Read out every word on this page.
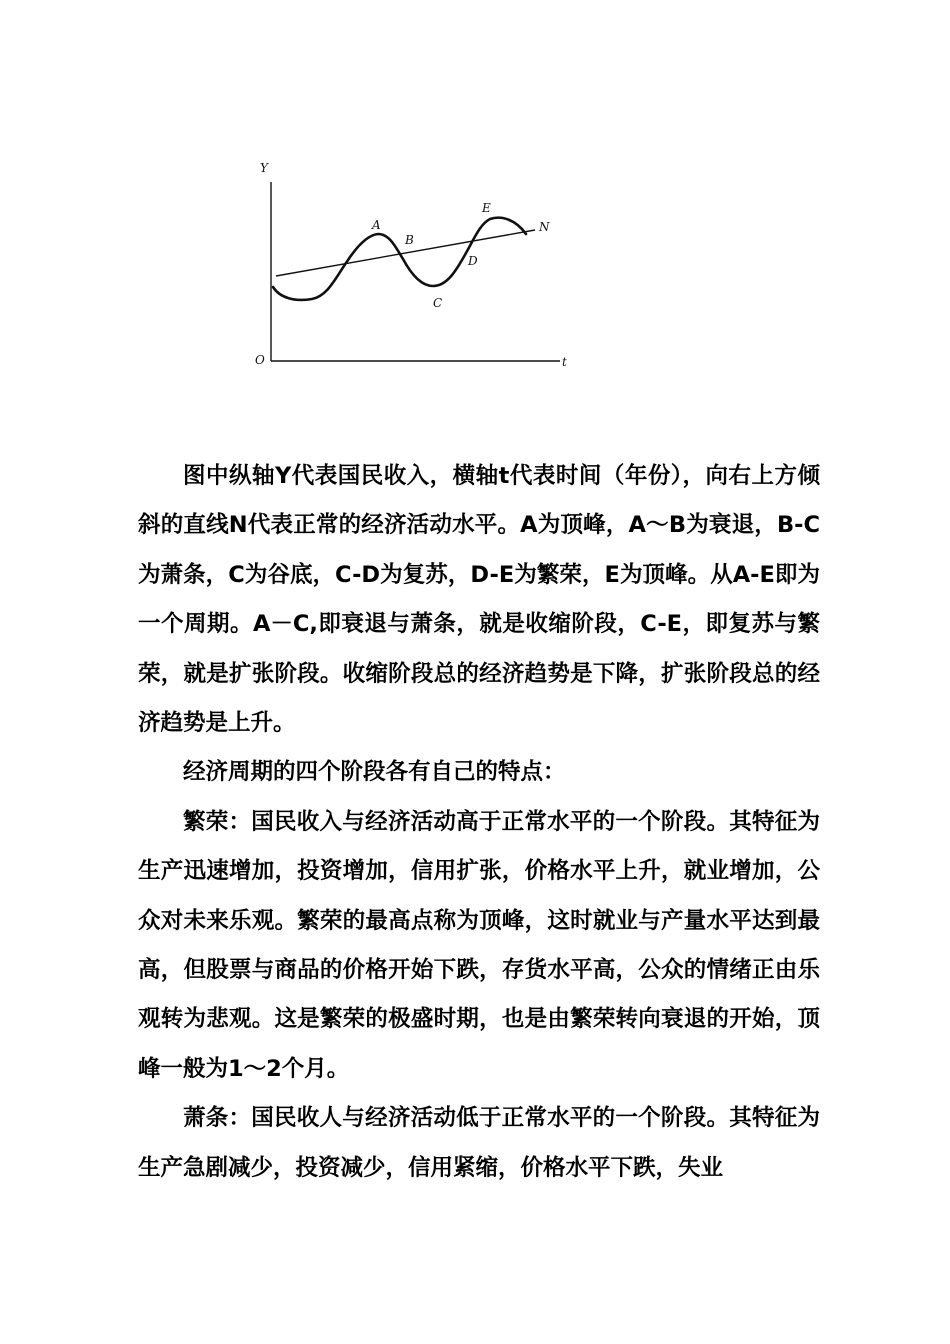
Y
O	t
A
B
C
D
E
N

图中纵轴Y代表国民收入，横轴t代表时间（年份），向右上方倾斜的直线N代表正常的经济活动水平。A为顶峰，A～B为衰退，B-C为萧条，C为谷底，C-D为复苏，D-E为繁荣，E为顶峰。从A-E即为一个周期。A－C,即衰退与萧条，就是收缩阶段，C-E，即复苏与繁荣，就是扩张阶段。收缩阶段总的经济趋势是下降，扩张阶段总的经济趋势是上升。

经济周期的四个阶段各有自己的特点：

繁荣：国民收入与经济活动高于正常水平的一个阶段。其特征为生产迅速增加，投资增加，信用扩张，价格水平上升，就业增加，公众对未来乐观。繁荣的最高点称为顶峰，这时就业与产量水平达到最高，但股票与商品的价格开始下跌，存货水平高，公众的情绪正由乐观转为悲观。这是繁荣的极盛时期，也是由繁荣转向衰退的开始，顶峰一般为1～2个月。

萧条：国民收人与经济活动低于正常水平的一个阶段。其特征为生产急剧减少，投资减少，信用紧缩，价格水平下跌，失业
